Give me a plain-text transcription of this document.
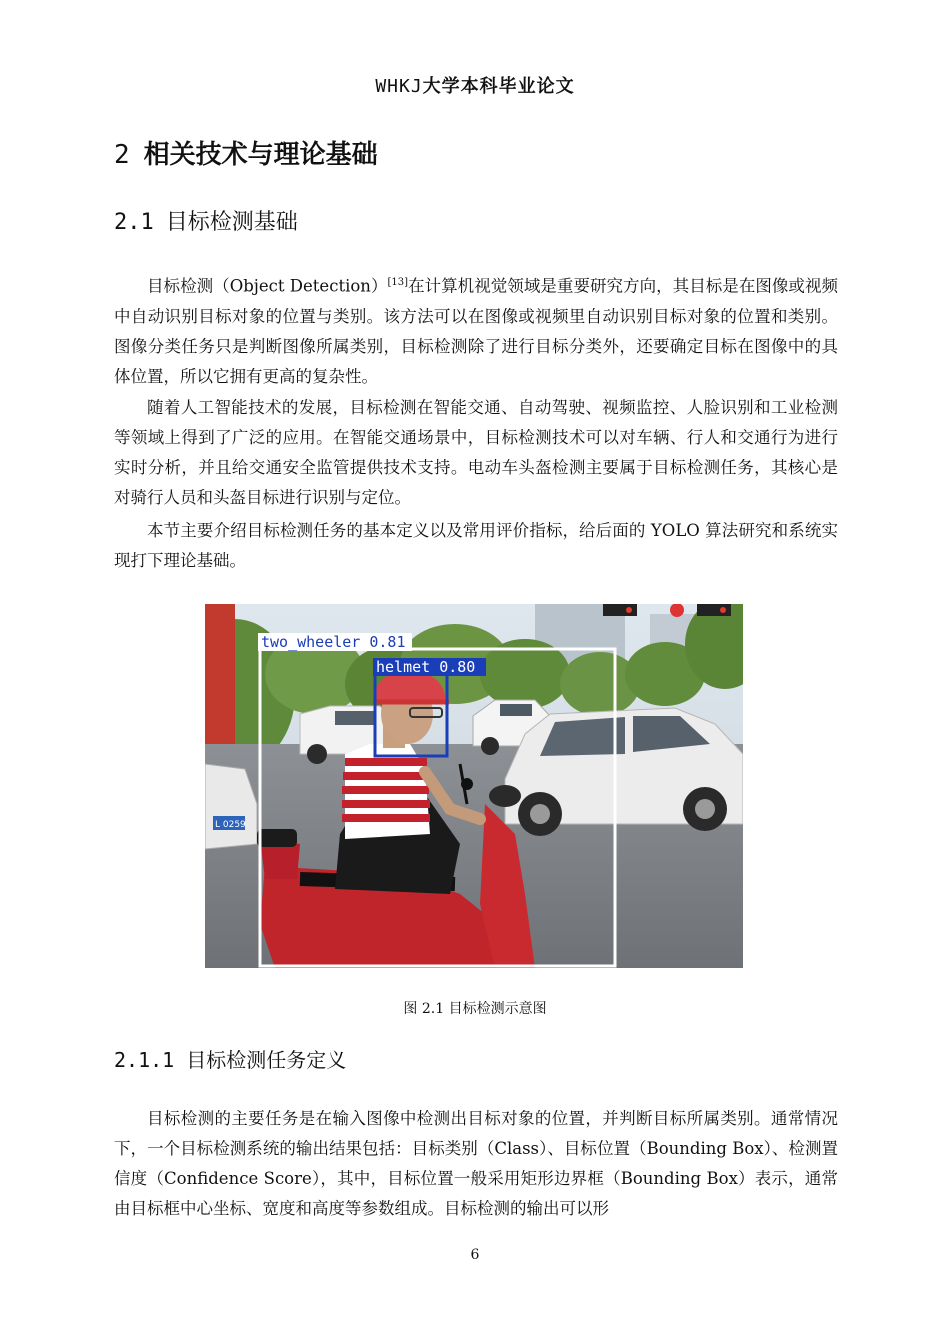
WHKJ大学本科毕业论文
2 相关技术与理论基础
2.1 目标检测基础

目标检测（Object Detection）[13]在计算机视觉领域是重要研究方向，其目标是在图像或视频中自动识别目标对象的位置与类别。该方法可以在图像或视频里自动识别目标对象的位置和类别。图像分类任务只是判断图像所属类别，目标检测除了进行目标分类外，还要确定目标在图像中的具体位置，所以它拥有更高的复杂性。

随着人工智能技术的发展，目标检测在智能交通、自动驾驶、视频监控、人脸识别和工业检测等领域上得到了广泛的应用。在智能交通场景中，目标检测技术可以对车辆、行人和交通行为进行实时分析，并且给交通安全监管提供技术支持。电动车头盔检测主要属于目标检测任务，其核心是对骑行人员和头盔目标进行识别与定位。

本节主要介绍目标检测任务的基本定义以及常用评价指标，给后面的 YOLO 算法研究和系统实现打下理论基础。

L 0259
two_wheeler 0.81
helmet 0.80
图 2.1 目标检测示意图
2.1.1 目标检测任务定义

目标检测的主要任务是在输入图像中检测出目标对象的位置，并判断目标所属类别。通常情况下，一个目标检测系统的输出结果包括：目标类别（Class）、目标位置（Bounding Box）、检测置信度（Confidence Score），其中，目标位置一般采用矩形边界框（Bounding Box）表示，通常由目标框中心坐标、宽度和高度等参数组成。目标检测的输出可以形

6
